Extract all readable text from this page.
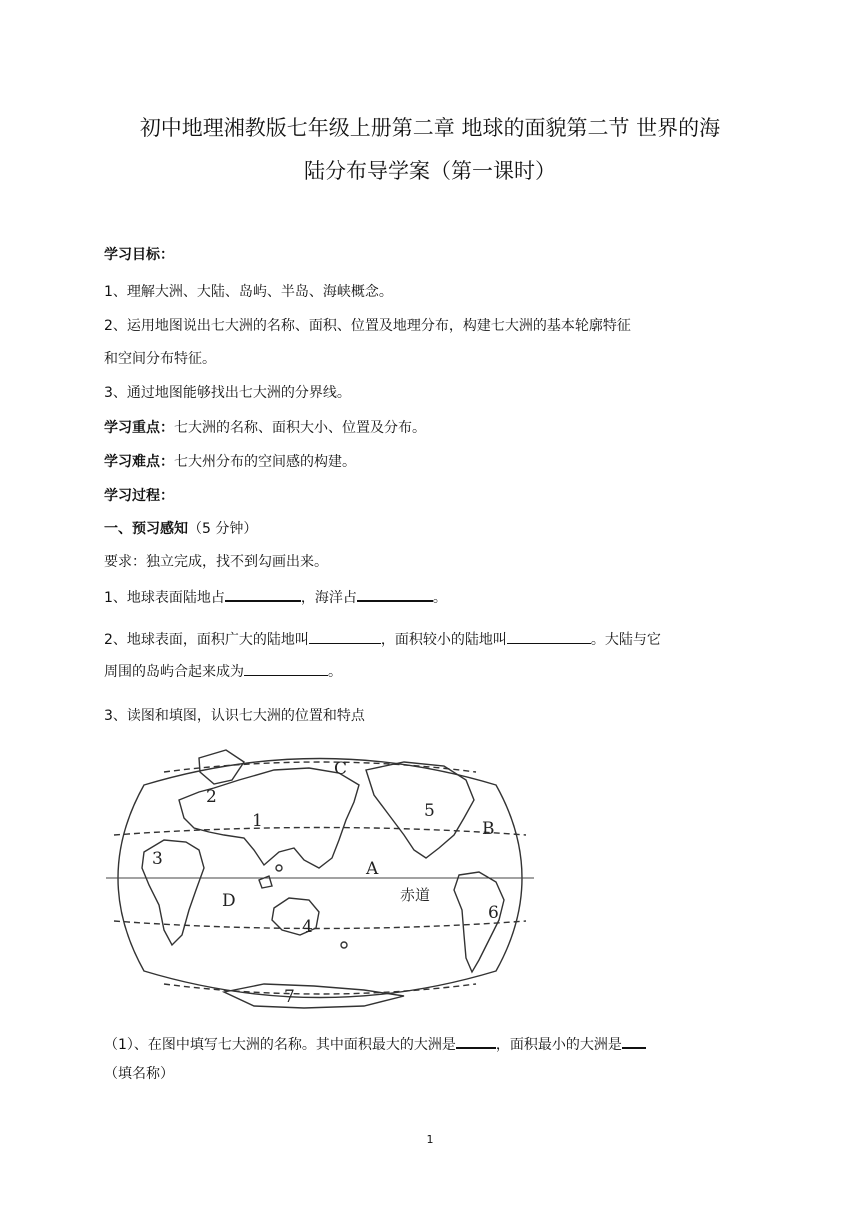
初中地理湘教版七年级上册第二章 地球的面貌第二节 世界的海
陆分布导学案（第一课时）
学习目标：
1、理解大洲、大陆、岛屿、半岛、海峡概念。
2、运用地图说出七大洲的名称、面积、位置及地理分布，构建七大洲的基本轮廓特征
和空间分布特征。
3、通过地图能够找出七大洲的分界线。
学习重点：七大洲的名称、面积大小、位置及分布。
学习难点：七大州分布的空间感的构建。
学习过程：
一、预习感知（5 分钟）
要求：独立完成，找不到勾画出来。
1、地球表面陆地占	，海洋占	。
2、地球表面，面积广大的陆地叫	，面积较小的陆地叫	。大陆与它
周围的岛屿合起来成为	。
3、读图和填图，认识七大洲的位置和特点
1
2
3
4
5
6
7
A
B
C
D	赤道
（1）、在图中填写七大洲的名称。其中面积最大的大洲是	，面积最小的大洲是
（填名称）
1
